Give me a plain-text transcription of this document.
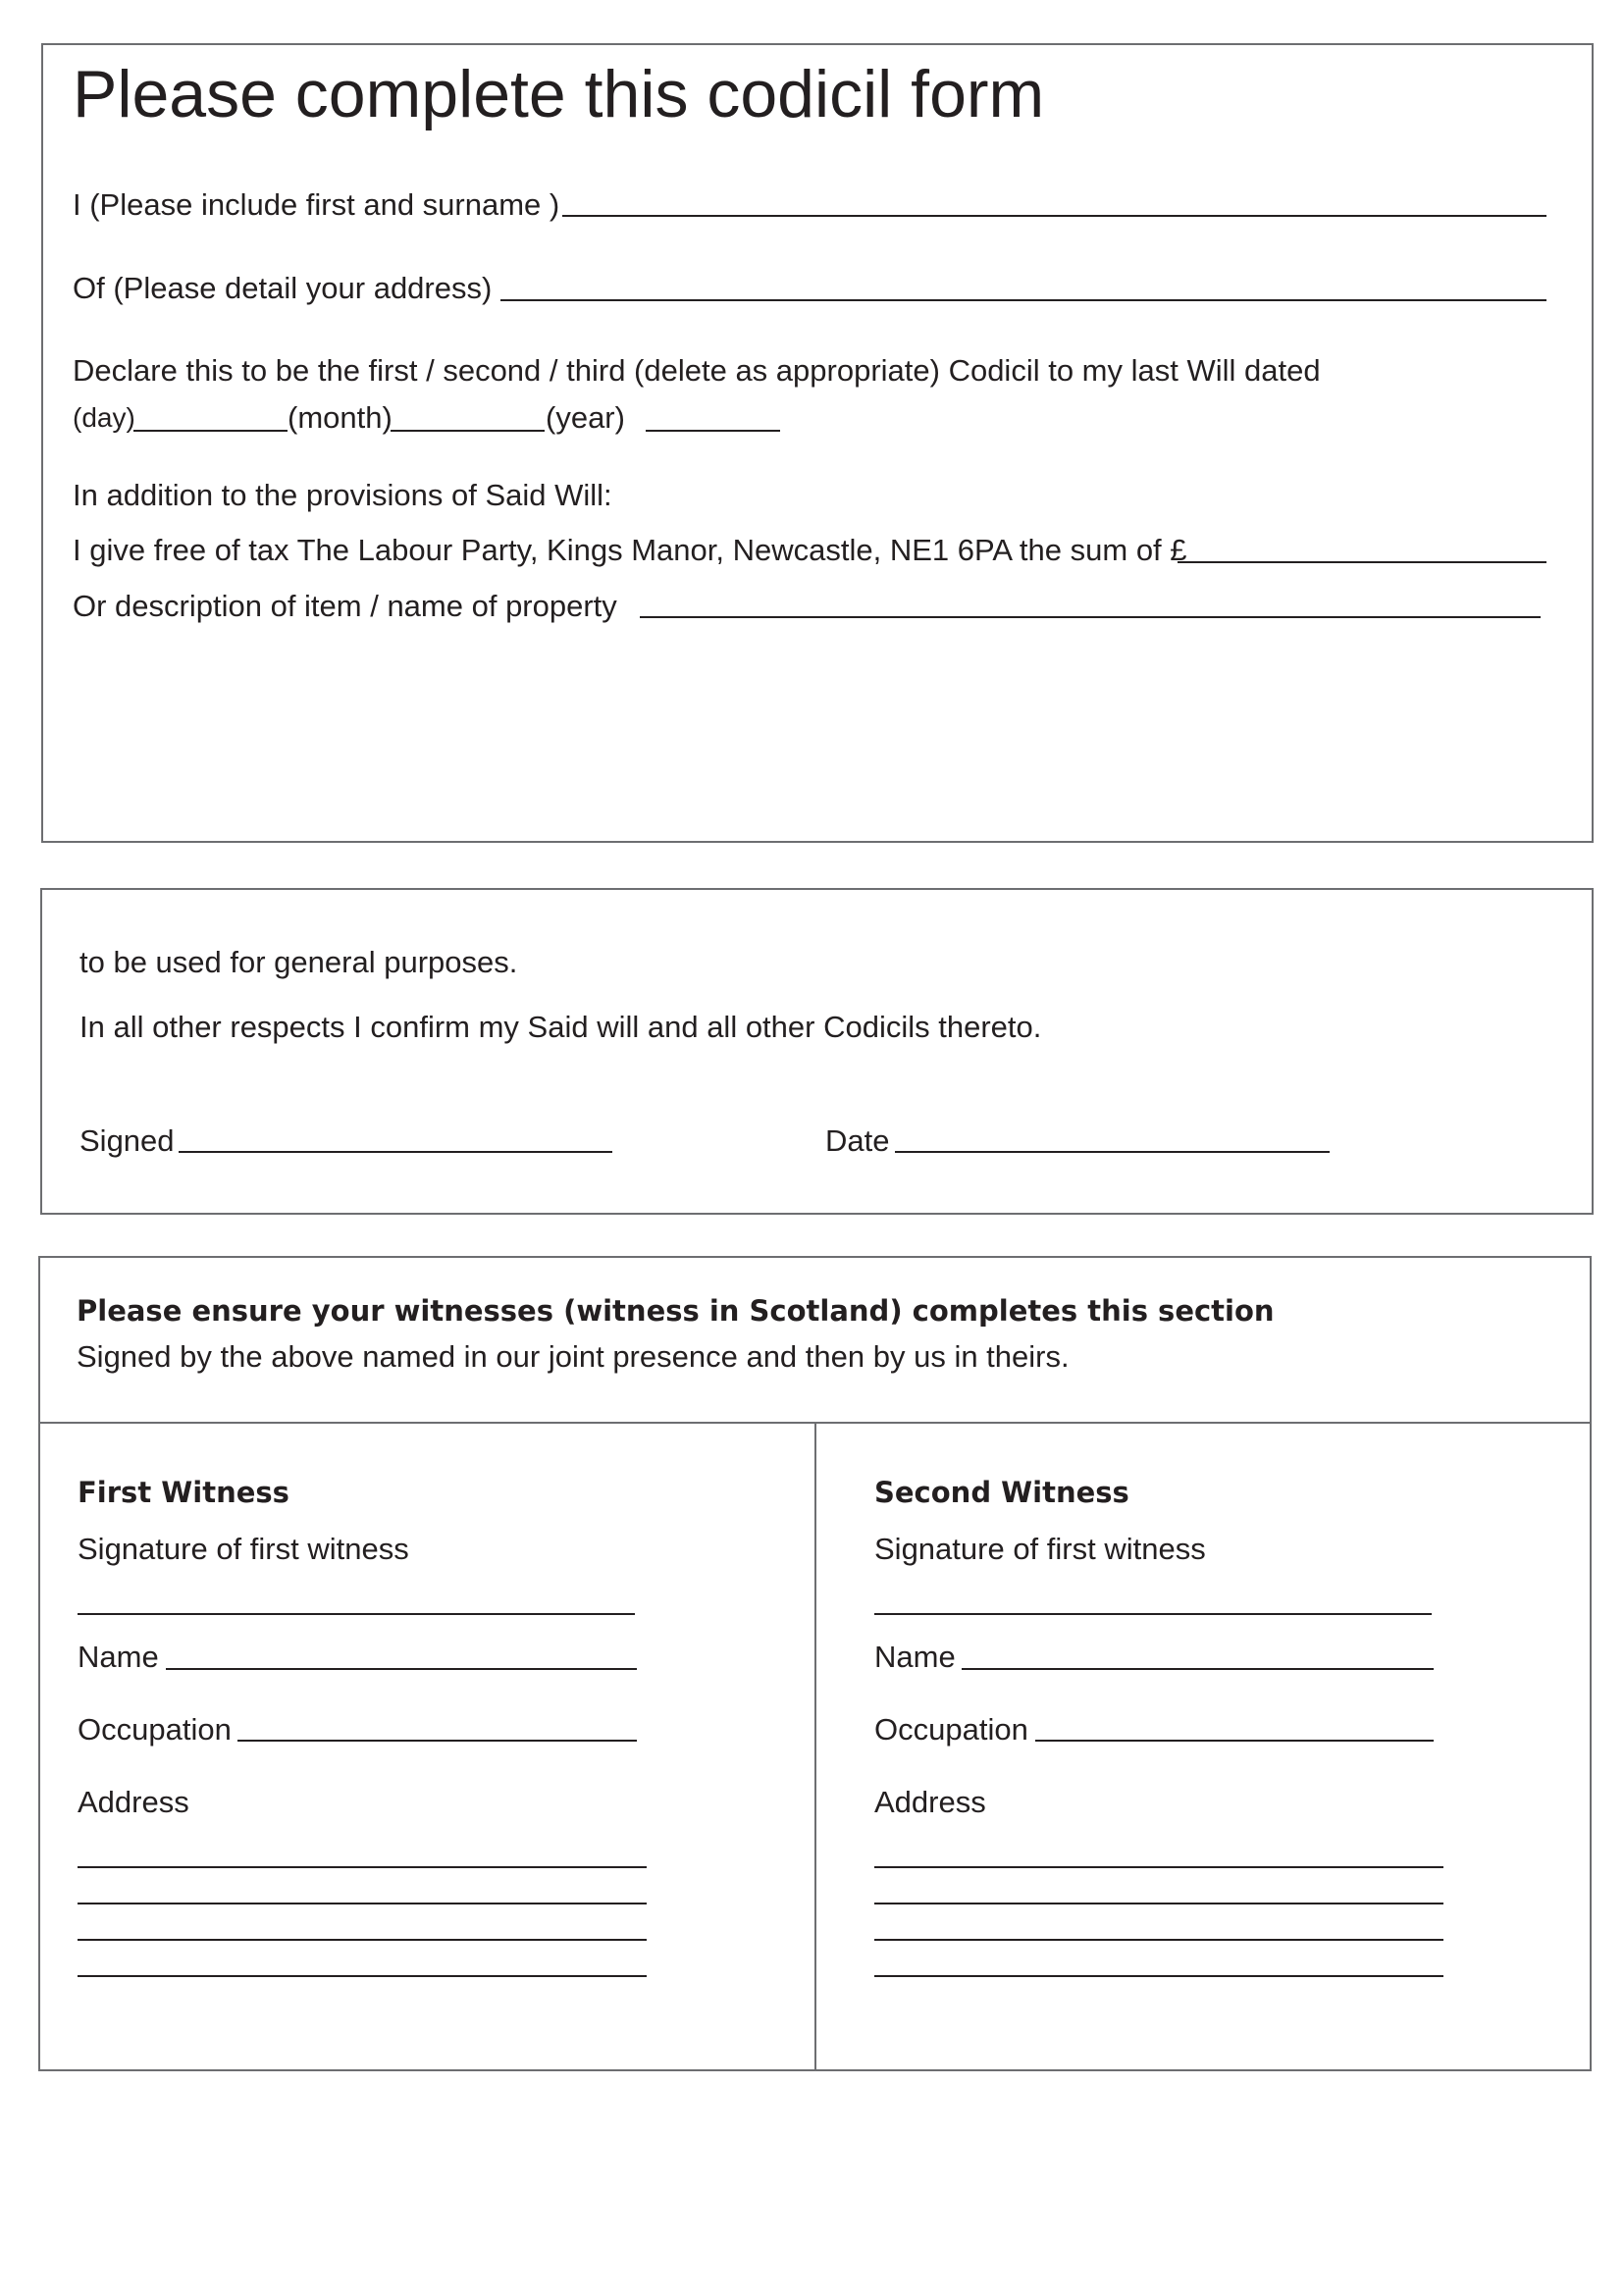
Please complete this codicil form
I (Please include first and surname )
Of (Please detail your address)
Declare this to be the first / second / third (delete as appropriate) Codicil to my last Will dated
(day)	(month)	(year)
In addition to the provisions of Said Will:
I give free of tax The Labour Party, Kings Manor, Newcastle, NE1 6PA the sum of £
Or description of item / name of property
to be used for general purposes.
In all other respects I confirm my Said will and all other Codicils thereto.
Signed	Date
Please ensure your witnesses (witness in Scotland) completes this section
Signed by the above named in our joint presence and then by us in theirs.
First Witness
Signature of first witness
Name
Occupation
Address
Second Witness
Signature of first witness
Name
Occupation
Address
